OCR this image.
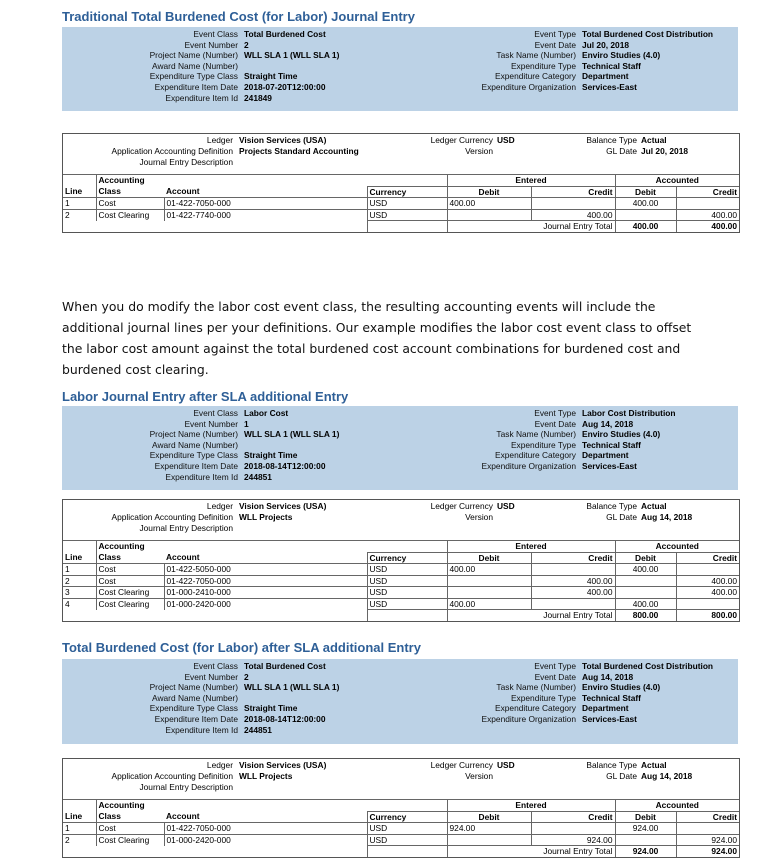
Traditional Total Burdened Cost (for Labor) Journal Entry
Event Class Total Burdened Cost
Event Number 2
Project Name (Number) WLL SLA 1 (WLL SLA 1)
Award Name (Number)
Expenditure Type Class Straight Time
Expenditure Item Date 2018-07-20T12:00:00
Expenditure Item Id 241849
Event Type Total Burdened Cost Distribution
Event Date Jul 20, 2018
Task Name (Number) Enviro Studies (4.0)
Expenditure Type Technical Staff
Expenditure Category Department
Expenditure Organization Services-East
Ledger Vision Services (USA)
Application Accounting Definition Projects Standard Accounting
Journal Entry Description
Ledger Currency USD
Version
Balance Type Actual
GL Date Jul 20, 2018
	Accounting			Entered		Accounted	
Line	Class	Account	Currency	Debit	Credit	Debit	Credit
1	Cost	01-422-7050-000	USD	400.00		400.00	
2	Cost Clearing	01-422-7740-000	USD		400.00		400.00
				Journal Entry Total		400.00	400.00
When you do modify the labor cost event class, the resulting accounting events will include the
additional journal lines per your definitions. Our example modifies the labor cost event class to offset
the labor cost amount against the total burdened cost account combinations for burdened cost and
burdened cost clearing.
Labor Journal Entry after SLA additional Entry
Event Class Labor Cost
Event Number 1
Project Name (Number) WLL SLA 1 (WLL SLA 1)
Award Name (Number)
Expenditure Type Class Straight Time
Expenditure Item Date 2018-08-14T12:00:00
Expenditure Item Id 244851
Event Type Labor Cost Distribution
Event Date Aug 14, 2018
Task Name (Number) Enviro Studies (4.0)
Expenditure Type Technical Staff
Expenditure Category Department
Expenditure Organization Services-East
Ledger Vision Services (USA)
Application Accounting Definition WLL Projects
Journal Entry Description
Ledger Currency USD
Version
Balance Type Actual
GL Date Aug 14, 2018
	Accounting			Entered		Accounted	
Line	Class	Account	Currency	Debit	Credit	Debit	Credit
1	Cost	01-422-5050-000	USD	400.00		400.00	
2	Cost	01-422-7050-000	USD		400.00		400.00
3	Cost Clearing	01-000-2410-000	USD		400.00		400.00
4	Cost Clearing	01-000-2420-000	USD	400.00		400.00	
				Journal Entry Total		800.00	800.00
Total Burdened Cost (for Labor) after SLA additional Entry
Event Class Total Burdened Cost
Event Number 2
Project Name (Number) WLL SLA 1 (WLL SLA 1)
Award Name (Number)
Expenditure Type Class Straight Time
Expenditure Item Date 2018-08-14T12:00:00
Expenditure Item Id 244851
Event Type Total Burdened Cost Distribution
Event Date Aug 14, 2018
Task Name (Number) Enviro Studies (4.0)
Expenditure Type Technical Staff
Expenditure Category Department
Expenditure Organization Services-East
Ledger Vision Services (USA)
Application Accounting Definition WLL Projects
Journal Entry Description
Ledger Currency USD
Version
Balance Type Actual
GL Date Aug 14, 2018
	Accounting			Entered		Accounted	
Line	Class	Account	Currency	Debit	Credit	Debit	Credit
1	Cost	01-422-7050-000	USD	924.00		924.00	
2	Cost Clearing	01-000-2420-000	USD		924.00		924.00
				Journal Entry Total		924.00	924.00
